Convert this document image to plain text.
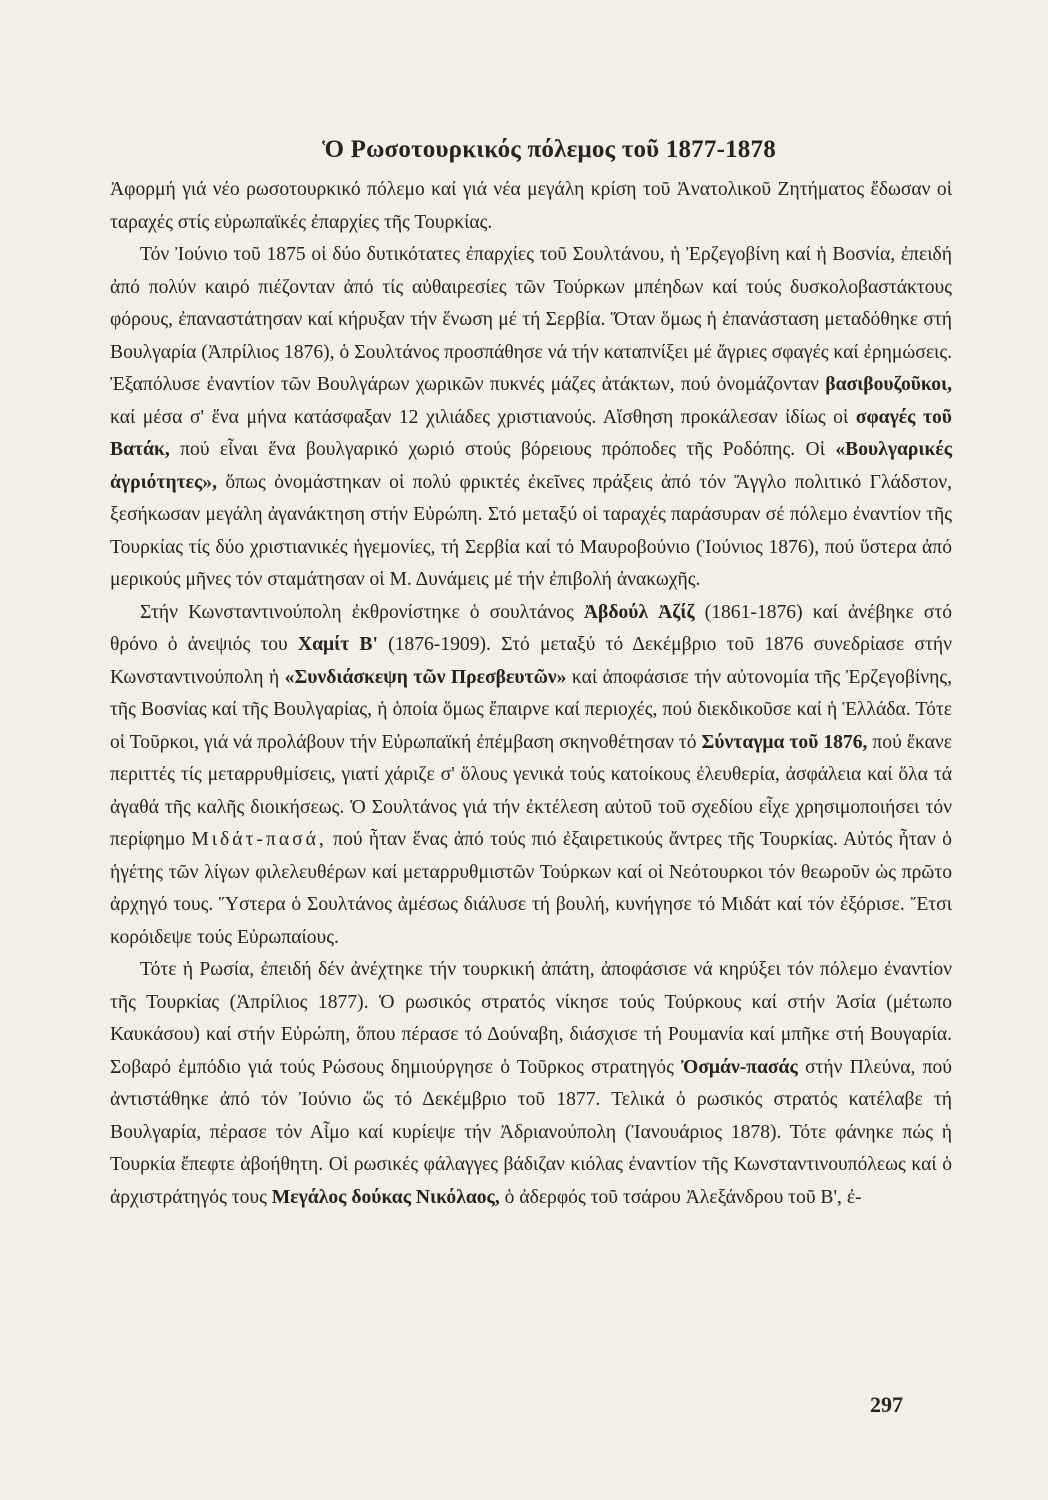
Ὁ Ρωσοτουρκικός πόλεμος τοῦ 1877-1878

Ἀφορμή γιά νέο ρωσοτουρκικό πόλεμο καί γιά νέα μεγάλη κρίση τοῦ Ἀνατολικοῦ Ζητήματος ἔδωσαν οἱ ταραχές στίς εὐρωπαϊκές ἐπαρχίες τῆς Τουρκίας.

Τόν Ἰούνιο τοῦ 1875 οἱ δύο δυτικότατες ἐπαρχίες τοῦ Σουλτάνου, ἡ Ἐρζεγοβίνη καί ἡ Βοσνία, ἐπειδή ἀπό πολύν καιρό πιέζονταν ἀπό τίς αὐθαιρεσίες τῶν Τούρκων μπέηδων καί τούς δυσκολοβαστάκτους φόρους, ἐπαναστάτησαν καί κήρυξαν τήν ἕνωση μέ τή Σερβία. Ὅταν ὅμως ἡ ἐπανάσταση μεταδόθηκε στή Βουλγαρία (Ἀπρίλιος 1876), ὁ Σουλτάνος προσπάθησε νά τήν καταπνίξει μέ ἄγριες σφαγές καί ἐρημώσεις. Ἐξαπόλυσε ἐναντίον τῶν Βουλγάρων χωρικῶν πυκνές μάζες ἀτάκτων, πού ὀνομάζονταν βασιβουζοῦκοι, καί μέσα σ' ἕνα μήνα κατάσφαξαν 12 χιλιάδες χριστιανούς. Αἴσθηση προκάλεσαν ἰδίως οἱ σφαγές τοῦ Βατάκ, πού εἶναι ἕνα βουλγαρικό χωριό στούς βόρειους πρόποδες τῆς Ροδόπης. Οἱ «Βουλγαρικές ἀγριότητες», ὅπως ὀνομάστηκαν οἱ πολύ φρικτές ἐκεῖνες πράξεις ἀπό τόν Ἄγγλο πολιτικό Γλάδστον, ξεσήκωσαν μεγάλη ἀγανάκτηση στήν Εὐρώπη. Στό μεταξύ οἱ ταραχές παράσυραν σέ πόλεμο ἐναντίον τῆς Τουρκίας τίς δύο χριστιανικές ἡγεμονίες, τή Σερβία καί τό Μαυροβούνιο (Ἰούνιος 1876), πού ὕστερα ἀπό μερικούς μῆνες τόν σταμάτησαν οἱ Μ. Δυνάμεις μέ τήν ἐπιβολή ἀνακωχῆς.

Στήν Κωνσταντινούπολη ἐκθρονίστηκε ὁ σουλτάνος Ἀβδούλ Ἀζίζ (1861-1876) καί ἀνέβηκε στό θρόνο ὁ ἀνεψιός του Χαμίτ Β' (1876-1909). Στό μεταξύ τό Δεκέμβριο τοῦ 1876 συνεδρίασε στήν Κωνσταντινούπολη ἡ «Συνδιάσκεψη τῶν Πρεσβευτῶν» καί ἀποφάσισε τήν αὐτονομία τῆς Ἐρζεγοβίνης, τῆς Βοσνίας καί τῆς Βουλγαρίας, ἡ ὁποία ὅμως ἔπαιρνε καί περιοχές, πού διεκδικοῦσε καί ἡ Ἑλλάδα. Τότε οἱ Τοῦρκοι, γιά νά προλάβουν τήν Εὐρωπαϊκή ἐπέμβαση σκηνοθέτησαν τό Σύνταγμα τοῦ 1876, πού ἔκανε περιττές τίς μεταρρυθμίσεις, γιατί χάριζε σ' ὅλους γενικά τούς κατοίκους ἐλευθερία, ἀσφάλεια καί ὅλα τά ἀγαθά τῆς καλῆς διοικήσεως. Ὁ Σουλτάνος γιά τήν ἐκτέλεση αὐτοῦ τοῦ σχεδίου εἶχε χρησιμοποιήσει τόν περίφημο Μιδάτ-πασά, πού ἦταν ἕνας ἀπό τούς πιό ἐξαιρετικούς ἄντρες τῆς Τουρκίας. Αὐτός ἦταν ὁ ἡγέτης τῶν λίγων φιλελευθέρων καί μεταρρυθμιστῶν Τούρκων καί οἱ Νεότουρκοι τόν θεωροῦν ὡς πρῶτο ἀρχηγό τους. Ὕστερα ὁ Σουλτάνος ἀμέσως διάλυσε τή βουλή, κυνήγησε τό Μιδάτ καί τόν ἐξόρισε. Ἔτσι κορόιδεψε τούς Εὐρωπαίους.

Τότε ἡ Ρωσία, ἐπειδή δέν ἀνέχτηκε τήν τουρκική ἀπάτη, ἀποφάσισε νά κηρύξει τόν πόλεμο ἐναντίον τῆς Τουρκίας (Ἀπρίλιος 1877). Ὁ ρωσικός στρατός νίκησε τούς Τούρκους καί στήν Ἀσία (μέτωπο Καυκάσου) καί στήν Εὐρώπη, ὅπου πέρασε τό Δούναβη, διάσχισε τή Ρουμανία καί μπῆκε στή Βουγαρία. Σοβαρό ἐμπόδιο γιά τούς Ρώσους δημιούργησε ὁ Τοῦρκος στρατηγός Ὀσμάν-πασάς στήν Πλεύνα, πού ἀντιστάθηκε ἀπό τόν Ἰούνιο ὥς τό Δεκέμβριο τοῦ 1877. Τελικά ὁ ρωσικός στρατός κατέλαβε τή Βουλγαρία, πέρασε τόν Αἷμο καί κυρίεψε τήν Ἀδριανούπολη (Ἰανουάριος 1878). Τότε φάνηκε πώς ἡ Τουρκία ἔπεφτε ἀβοήθητη. Οἱ ρωσικές φάλαγγες βάδιζαν κιόλας ἐναντίον τῆς Κωνσταντινουπόλεως καί ὁ ἀρχιστράτηγός τους Μεγάλος δούκας Νικόλαος, ὁ ἀδερφός τοῦ τσάρου Ἀλεξάνδρου τοῦ Β', ἐ-

297
